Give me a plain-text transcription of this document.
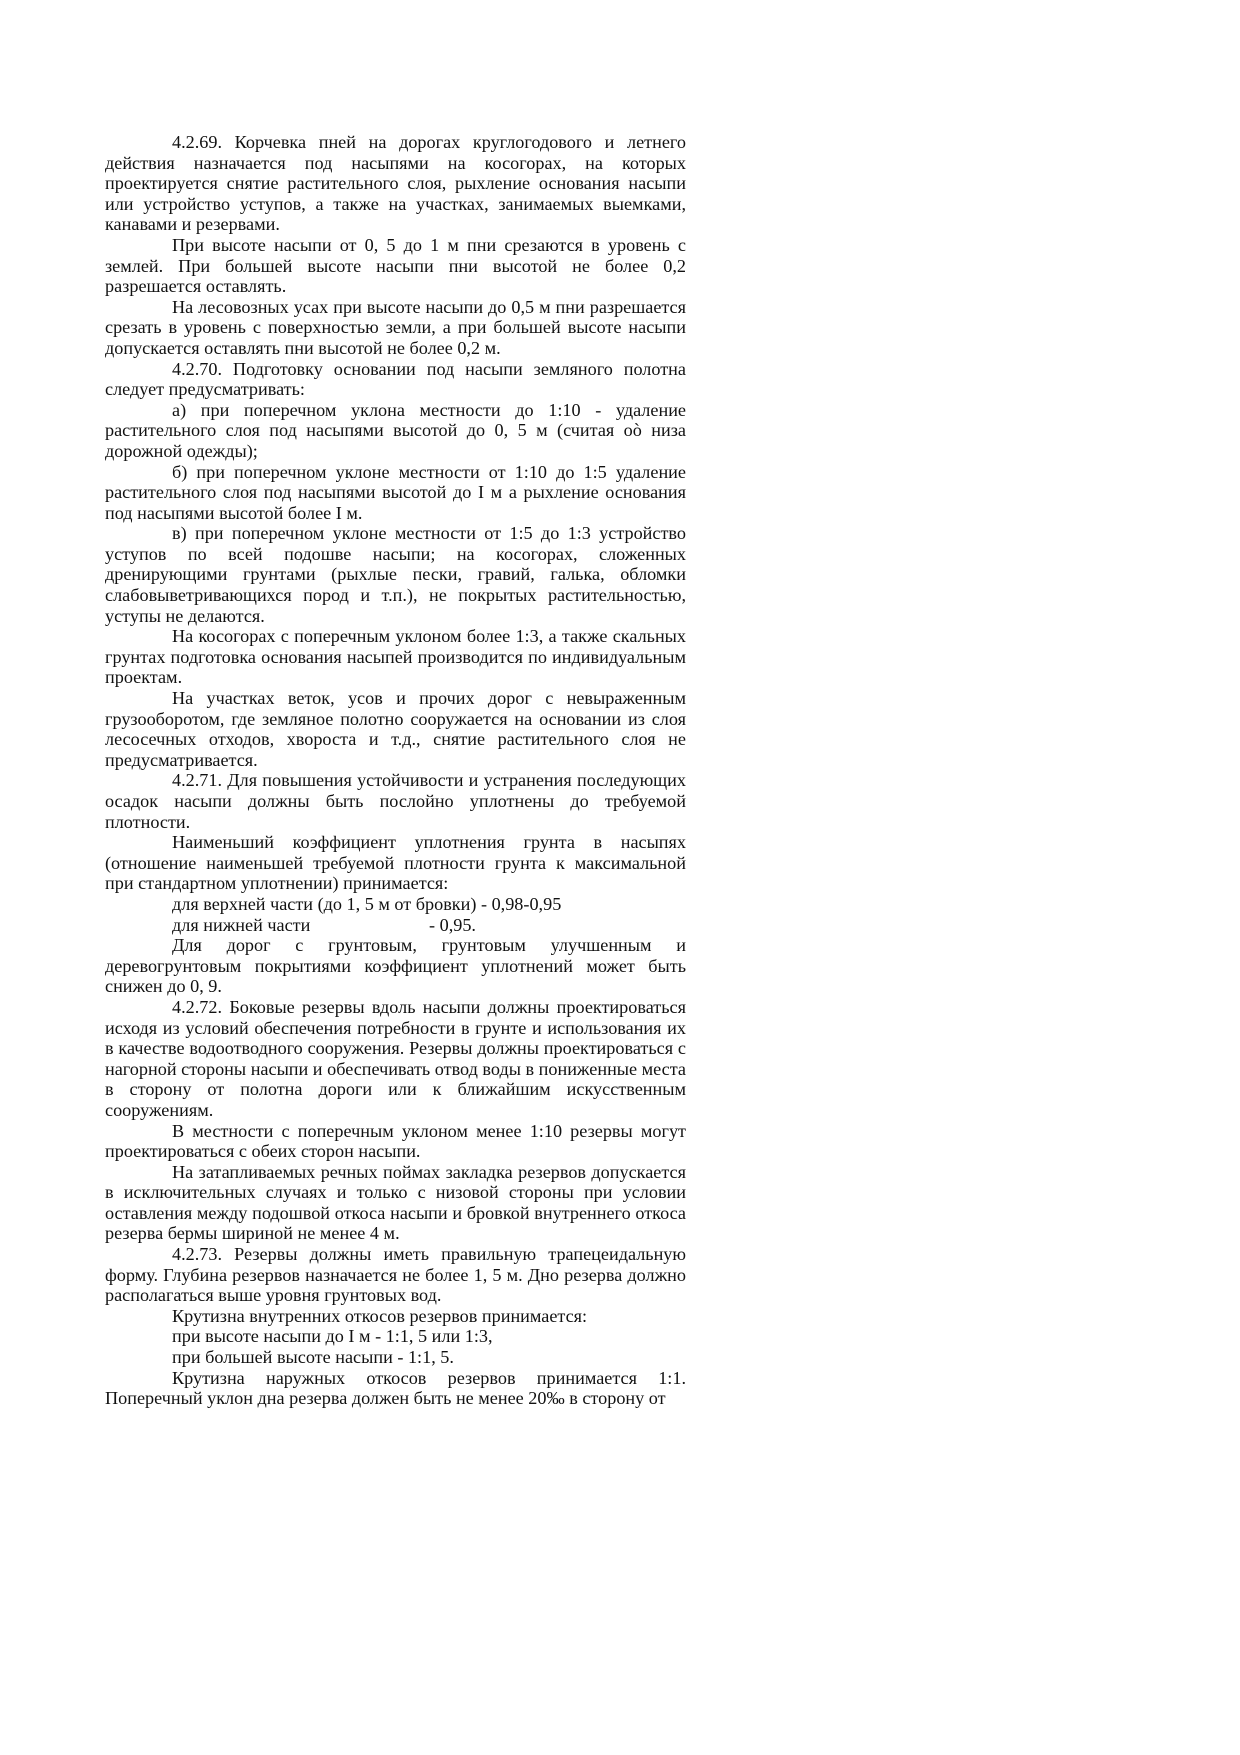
4.2.69. Корчевка пней на дорогах круглогодового и летнего действия назначается под насыпями на косогорах, на которых проектируется снятие растительного слоя, рыхление основания насыпи или устройство уступов, а также на участках, занимаемых выемками, канавами и резервами.

При высоте насыпи от 0, 5 до 1 м пни срезаются в уровень с землей. При большей высоте насыпи пни высотой не более 0,2 разрешается оставлять.

На лесовозных усах при высоте насыпи до 0,5 м пни разрешается срезать в уровень с поверхностью земли, а при большей высоте насыпи допускается оставлять пни высотой не более 0,2 м.

4.2.70. Подготовку основании под насыпи земляного полотна следует предусматривать:

а) при поперечном уклона местности до 1:10 - удаление растительного слоя под насыпями высотой до 0, 5 м (считая оò низа дорожной одежды);

б) при поперечном уклоне местности от 1:10 до 1:5 удаление растительного слоя под насыпями высотой до I м а рыхление основания под насыпями высотой более I м.

в) при поперечном уклоне местности от 1:5 до 1:3 устройство уступов по всей подошве насыпи; на косогорах, сложенных дренирующими грунтами (рыхлые пески, гравий, галька, обломки слабовыветривающихся пород и т.п.), не покрытых растительностью, уступы не делаются.

На косогорах с поперечным уклоном более 1:3, а также скальных грунтах подготовка основания насыпей производится по индивидуальным проектам.

На участках веток, усов и прочих дорог с невыраженным грузооборотом, где земляное полотно сооружается на основании из слоя лесосечных отходов, хвороста и т.д., снятие растительного слоя не предусматривается.

4.2.71. Для повышения устойчивости и устранения последующих осадок насыпи должны быть послойно уплотнены до требуемой плотности.

Наименьший коэффициент уплотнения грунта в насыпях (отношение наименьшей требуемой плотности грунта к максимальной при стандартном уплотнении) принимается:

для верхней части (до 1, 5 м от бровки) - 0,98-0,95

для нижней части	- 0,95.

Для дорог с грунтовым, грунтовым улучшенным и деревогрунтовым покрытиями коэффициент уплотнений может быть снижен до 0, 9.

4.2.72. Боковые резервы вдоль насыпи должны проектироваться исходя из условий обеспечения потребности в грунте и использования их в качестве водоотводного сооружения. Резервы должны проектироваться с нагорной стороны насыпи и обеспечивать отвод воды в пониженные места в сторону от полотна дороги или к ближайшим искусственным сооружениям.

В местности с поперечным уклоном менее 1:10 резервы могут проектироваться с обеих сторон насыпи.

На затапливаемых речных поймах закладка резервов допускается в исключительных случаях и только с низовой стороны при условии оставления между подошвой откоса насыпи и бровкой внутреннего откоса резерва бермы шириной не менее 4 м.

4.2.73. Резервы должны иметь правильную трапецеидальную форму. Глубина резервов назначается не более 1, 5 м. Дно резерва должно располагаться выше уровня грунтовых вод.

Крутизна внутренних откосов резервов принимается:

при высоте насыпи до I м - 1:1, 5 или 1:3,

при большей высоте насыпи - 1:1, 5.

Крутизна наружных откосов резервов принимается 1:1. Поперечный уклон дна резерва должен быть не менее 20‰ в сторону от
